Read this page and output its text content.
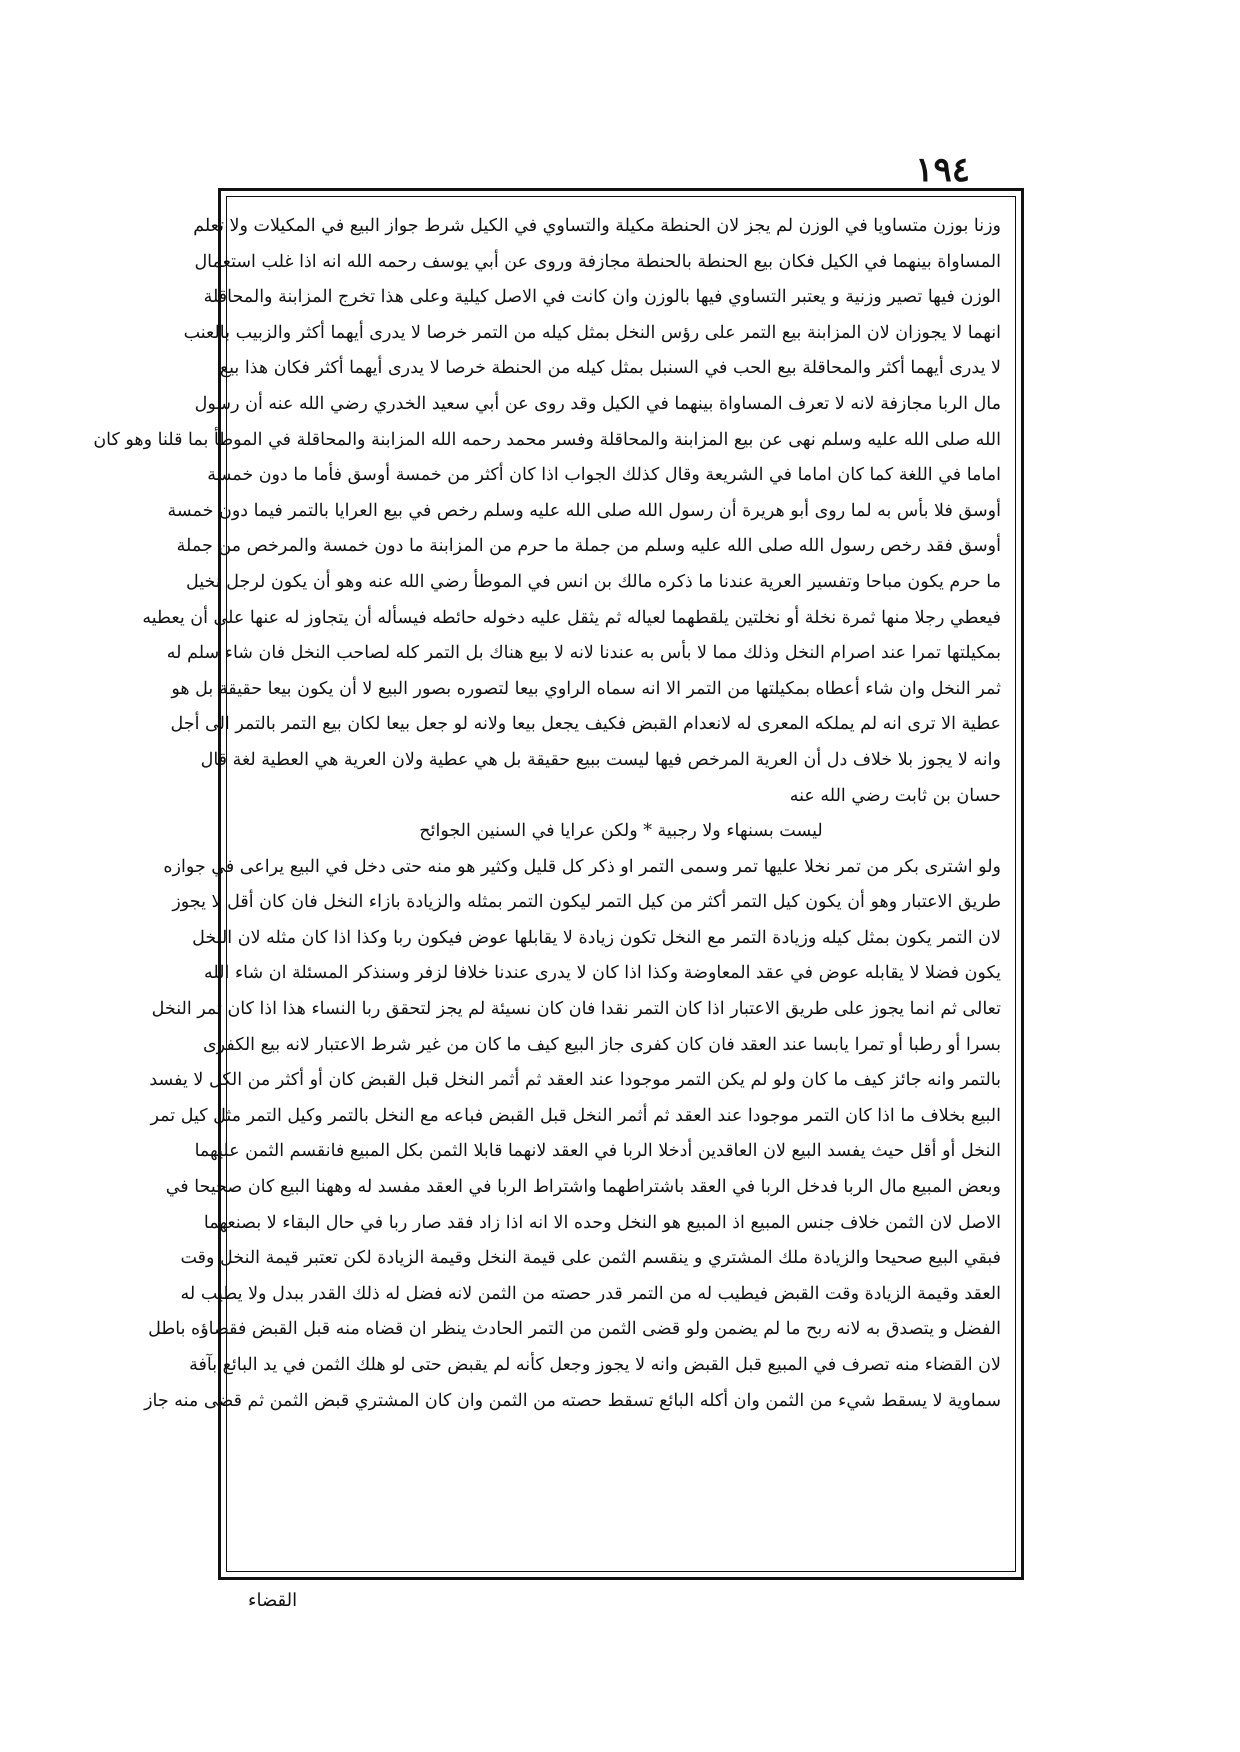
١٩٤
وزنا بوزن متساويا في الوزن لم يجز لان الحنطة مكيلة والتساوي في الكيل شرط جواز البيع في المكيلات ولا تعلم
المساواة بينهما في الكيل فكان بيع الحنطة بالحنطة مجازفة وروى عن أبي يوسف رحمه الله انه اذا غلب استعمال
الوزن فيها تصير وزنية و يعتبر التساوي فيها بالوزن وان كانت في الاصل كيلية وعلى هذا تخرج المزابنة والمحاقلة
انهما لا يجوزان لان المزابنة بيع التمر على رؤس النخل بمثل كيله من التمر خرصا لا يدرى أيهما أكثر والزبيب بالعنب
لا يدرى أيهما أكثر والمحاقلة بيع الحب في السنبل بمثل كيله من الحنطة خرصا لا يدرى أيهما أكثر فكان هذا بيع
مال الربا مجازفة لانه لا تعرف المساواة بينهما في الكيل وقد روى عن أبي سعيد الخدري رضي الله عنه أن رسول
الله صلى الله عليه وسلم نهى عن بيع المزابنة والمحاقلة وفسر محمد رحمه الله المزابنة والمحاقلة في الموطأ بما قلنا وهو كان
اماما في اللغة كما كان اماما في الشريعة وقال كذلك الجواب اذا كان أكثر من خمسة أوسق فأما ما دون خمسة
أوسق فلا بأس به لما روى أبو هريرة أن رسول الله صلى الله عليه وسلم رخص في بيع العرايا بالتمر فيما دون خمسة
أوسق فقد رخص رسول الله صلى الله عليه وسلم من جملة ما حرم من المزابنة ما دون خمسة والمرخص من جملة
ما حرم يكون مباحا وتفسير العرية عندنا ما ذكره مالك بن انس في الموطأ رضي الله عنه وهو أن يكون لرجل نخيل
فيعطي رجلا منها ثمرة نخلة أو نخلتين يلقطهما لعياله ثم يثقل عليه دخوله حائطه فيسأله أن يتجاوز له عنها على أن يعطيه
بمكيلتها تمرا عند اصرام النخل وذلك مما لا بأس به عندنا لانه لا بيع هناك بل التمر كله لصاحب النخل فان شاء سلم له
ثمر النخل وان شاء أعطاه بمكيلتها من التمر الا انه سماه الراوي بيعا لتصوره بصور البيع لا أن يكون بيعا حقيقة بل هو
عطية الا ترى انه لم يملكه المعرى له لانعدام القبض فكيف يجعل بيعا ولانه لو جعل بيعا لكان بيع التمر بالتمر الى أجل
وانه لا يجوز بلا خلاف دل أن العرية المرخص فيها ليست ببيع حقيقة بل هي عطية ولان العرية هي العطية لغة قال
حسان بن ثابت رضي الله عنه
ليست بسنهاء ولا رجبية * ولكن عرايا في السنين الجوائح
ولو اشترى بكر من تمر نخلا عليها تمر وسمى التمر او ذكر كل قليل وكثير هو منه حتى دخل في البيع يراعى في جوازه
طريق الاعتبار وهو أن يكون كيل التمر أكثر من كيل التمر ليكون التمر بمثله والزيادة بازاء النخل فان كان أقل لا يجوز
لان التمر يكون بمثل كيله وزيادة التمر مع النخل تكون زيادة لا يقابلها عوض فيكون ربا وكذا اذا كان مثله لان النخل
يكون فضلا لا يقابله عوض في عقد المعاوضة وكذا اذا كان لا يدرى عندنا خلافا لزفر وسنذكر المسئلة ان شاء الله
تعالى ثم انما يجوز على طريق الاعتبار اذا كان التمر نقدا فان كان نسيئة لم يجز لتحقق ربا النساء هذا اذا كان ثمر النخل
بسرا أو رطبا أو تمرا يابسا عند العقد فان كان كفرى جاز البيع كيف ما كان من غير شرط الاعتبار لانه بيع الكفرى
بالتمر وانه جائز كيف ما كان ولو لم يكن التمر موجودا عند العقد ثم أثمر النخل قبل القبض كان أو أكثر من الكل لا يفسد
البيع بخلاف ما اذا كان التمر موجودا عند العقد ثم أثمر النخل قبل القبض فباعه مع النخل بالتمر وكيل التمر مثل كيل تمر
النخل أو أقل حيث يفسد البيع لان العاقدين أدخلا الربا في العقد لانهما قابلا الثمن بكل المبيع فانقسم الثمن عليهما
وبعض المبيع مال الربا فدخل الربا في العقد باشتراطهما واشتراط الربا في العقد مفسد له وههنا البيع كان صحيحا في
الاصل لان الثمن خلاف جنس المبيع اذ المبيع هو النخل وحده الا انه اذا زاد فقد صار ربا في حال البقاء لا بصنعهما
فبقي البيع صحيحا والزيادة ملك المشتري و ينقسم الثمن على قيمة النخل وقيمة الزيادة لكن تعتبر قيمة النخل وقت
العقد وقيمة الزيادة وقت القبض فيطيب له من التمر قدر حصته من الثمن لانه فضل له ذلك القدر ببدل ولا يطيب له
الفضل و يتصدق به لانه ربح ما لم يضمن ولو قضى الثمن من التمر الحادث ينظر ان قضاه منه قبل القبض فقضاؤه باطل
لان القضاء منه تصرف في المبيع قبل القبض وانه لا يجوز وجعل كأنه لم يقبض حتى لو هلك الثمن في يد البائع بآفة
سماوية لا يسقط شيء من الثمن وان أكله البائع تسقط حصته من الثمن وان كان المشتري قبض الثمن ثم قضى منه جاز
القضاء
